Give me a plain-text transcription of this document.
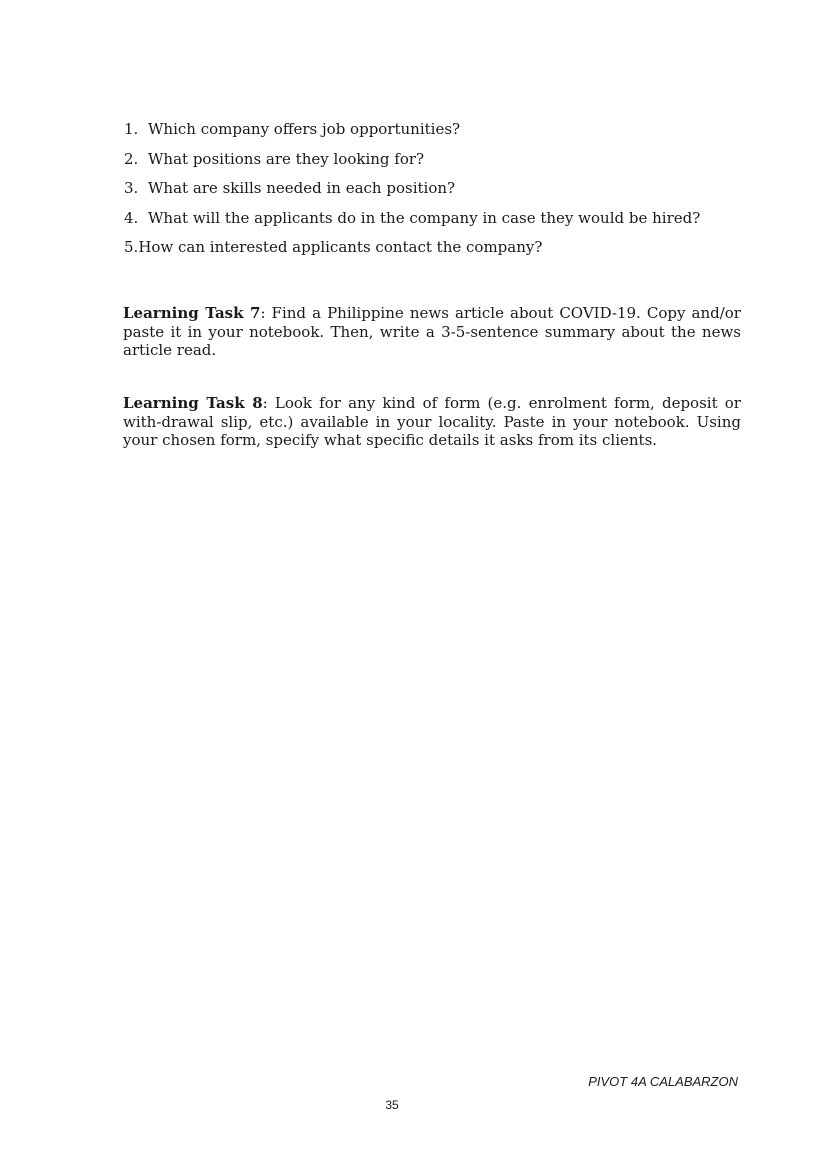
1. Which company offers job opportunities?
2. What positions are they looking for?
3. What are skills needed in each position?
4. What will the applicants do in the company in case they would be hired?
5.How can interested applicants contact the company?

Learning Task 7: Find a Philippine news article about COVID-19. Copy and/or paste it in your notebook. Then, write a 3-5-sentence summary about the news article read.

Learning Task 8: Look for any kind of form (e.g. enrolment form, deposit or with-drawal slip, etc.) available in your locality. Paste in your notebook. Using your chosen form, specify what specific details it asks from its clients.

PIVOT 4A CALABARZON
35
